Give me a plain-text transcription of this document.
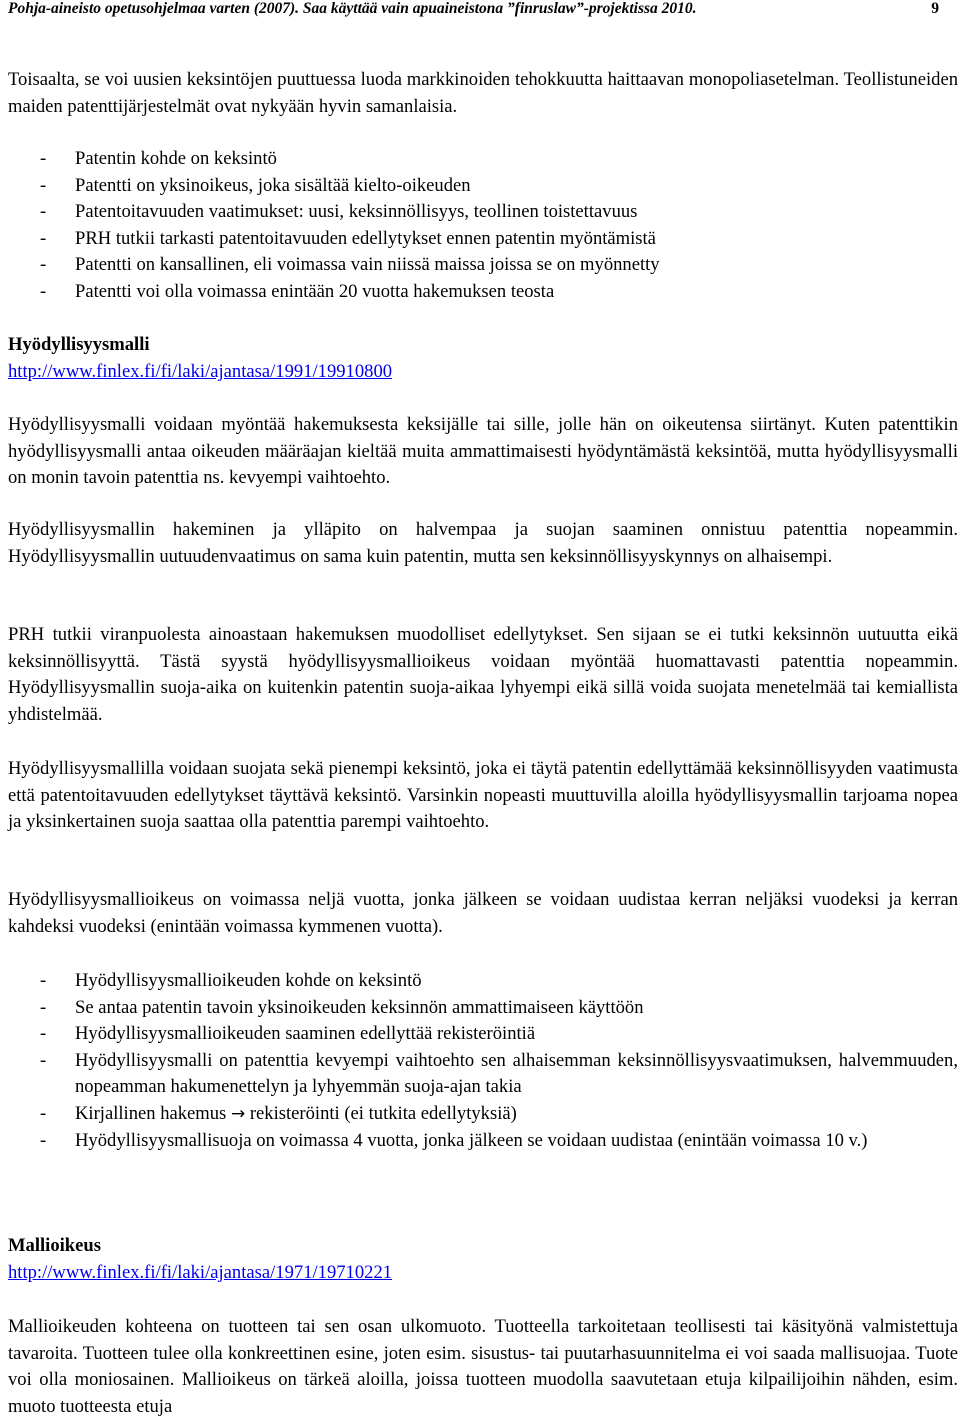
Pohja-aineisto opetusohjelmaa varten (2007). Saa käyttää vain apuaineistona ”finruslaw”-projektissa 2010.	9

Toisaalta, se voi uusien keksintöjen puuttuessa luoda markkinoiden tehokkuutta haittaavan monopoliasetelman. Teollistuneiden maiden patenttijärjestelmät ovat nykyään hyvin samanlaisia.

- Patentin kohde on keksintö
- Patentti on yksinoikeus, joka sisältää kielto-oikeuden
- Patentoitavuuden vaatimukset: uusi, keksinnöllisyys, teollinen toistettavuus
- PRH tutkii tarkasti patentoitavuuden edellytykset ennen patentin myöntämistä
- Patentti on kansallinen, eli voimassa vain niissä maissa joissa se on myönnetty
- Patentti voi olla voimassa enintään 20 vuotta hakemuksen teosta
Hyödyllisyysmalli
http://www.finlex.fi/fi/laki/ajantasa/1991/19910800

Hyödyllisyysmalli voidaan myöntää hakemuksesta keksijälle tai sille, jolle hän on oikeutensa siirtänyt. Kuten patenttikin hyödyllisyysmalli antaa oikeuden määräajan kieltää muita ammattimaisesti hyödyntämästä keksintöä, mutta hyödyllisyysmalli on monin tavoin patenttia ns. kevyempi vaihtoehto.

Hyödyllisyysmallin hakeminen ja ylläpito on halvempaa ja suojan saaminen onnistuu patenttia nopeammin. Hyödyllisyysmallin uutuudenvaatimus on sama kuin patentin, mutta sen keksinnöllisyyskynnys on alhaisempi.

PRH tutkii viranpuolesta ainoastaan hakemuksen muodolliset edellytykset. Sen sijaan se ei tutki keksinnön uutuutta eikä keksinnöllisyyttä. Tästä syystä hyödyllisyysmallioikeus voidaan myöntää huomattavasti patenttia nopeammin. Hyödyllisyysmallin suoja-aika on kuitenkin patentin suoja-aikaa lyhyempi eikä sillä voida suojata menetelmää tai kemiallista yhdistelmää.

Hyödyllisyysmallilla voidaan suojata sekä pienempi keksintö, joka ei täytä patentin edellyttämää keksinnöllisyyden vaatimusta että patentoitavuuden edellytykset täyttävä keksintö. Varsinkin nopeasti muuttuvilla aloilla hyödyllisyysmallin tarjoama nopea ja yksinkertainen suoja saattaa olla patenttia parempi vaihtoehto.

Hyödyllisyysmallioikeus on voimassa neljä vuotta, jonka jälkeen se voidaan uudistaa kerran neljäksi vuodeksi ja kerran kahdeksi vuodeksi (enintään voimassa kymmenen vuotta).

- Hyödyllisyysmallioikeuden kohde on keksintö
- Se antaa patentin tavoin yksinoikeuden keksinnön ammattimaiseen käyttöön
- Hyödyllisyysmallioikeuden saaminen edellyttää rekisteröintiä
- Hyödyllisyysmalli on patenttia kevyempi vaihtoehto sen alhaisemman keksinnöllisyysvaatimuksen, halvemmuuden, nopeamman hakumenettelyn ja lyhyemmän suoja-ajan takia
- Kirjallinen hakemus → rekisteröinti (ei tutkita edellytyksiä)
- Hyödyllisyysmallisuoja on voimassa 4 vuotta, jonka jälkeen se voidaan uudistaa (enintään voimassa 10 v.)
Mallioikeus
http://www.finlex.fi/fi/laki/ajantasa/1971/19710221

Mallioikeuden kohteena on tuotteen tai sen osan ulkomuoto. Tuotteella tarkoitetaan teollisesti tai käsityönä valmistettuja tavaroita. Tuotteen tulee olla konkreettinen esine, joten esim. sisustus- tai puutarhasuunnitelma ei voi saada mallisuojaa. Tuote voi olla moniosainen. Mallioikeus on tärkeä aloilla, joissa tuotteen muodolla saavutetaan etuja kilpailijoihin nähden, esim. muoto tuotteesta etuja
